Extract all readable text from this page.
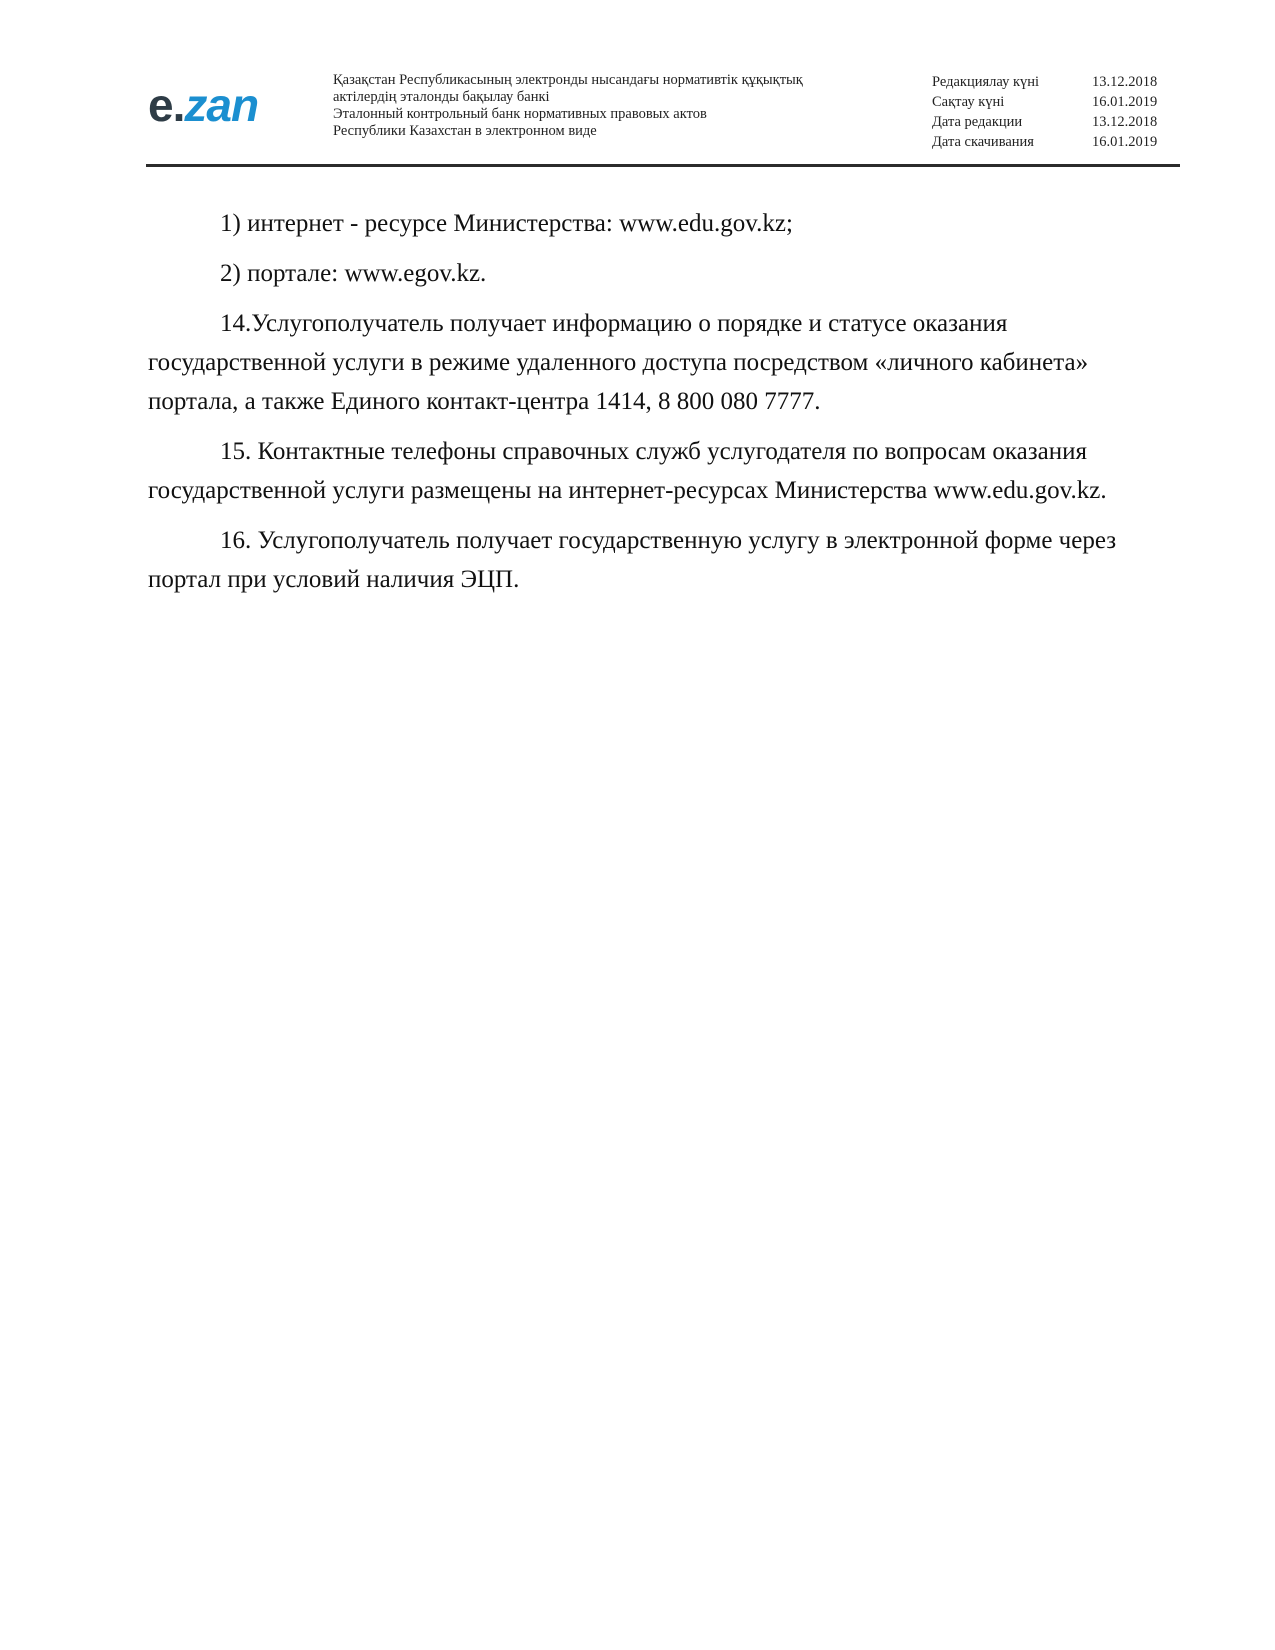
e.zan	Қазақстан Республикасының электронды нысандағы нормативтік құқықтық
актілердің эталонды бақылау банкі
Эталонный контрольный банк нормативных правовых актов
Республики Казахстан в электронном виде
Редакциялау күні	13.12.2018
Сақтау күні	16.01.2019
Дата редакции	13.12.2018
Дата скачивания	16.01.2019

1) интернет - ресурсе Министерства: www.edu.gov.kz;

2) портале: www.egov.kz.

14.Услугополучатель получает информацию о порядке и статусе оказания государственной услуги в режиме удаленного доступа посредством «личного кабинета» портала, а также Единого контакт-центра 1414, 8 800 080 7777.

15. Контактные телефоны справочных служб услугодателя по вопросам оказания государственной услуги размещены на интернет-ресурсах Министерства www.edu.gov.kz.

16. Услугополучатель получает государственную услугу в электронной форме через портал при условий наличия ЭЦП.
